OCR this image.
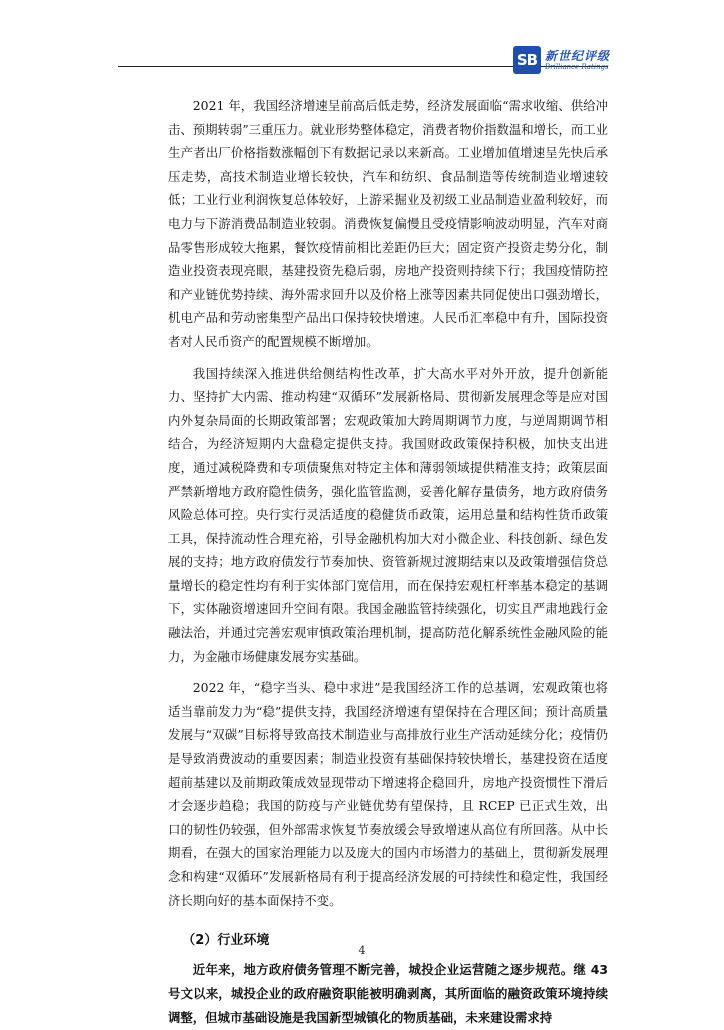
SB 新世纪评级
Brilliance Ratings

2021 年，我国经济增速呈前高后低走势，经济发展面临“需求收缩、供给冲击、预期转弱”三重压力。就业形势整体稳定，消费者物价指数温和增长，而工业生产者出厂价格指数涨幅创下有数据记录以来新高。工业增加值增速呈先快后承压走势，高技术制造业增长较快，汽车和纺织、食品制造等传统制造业增速较低；工业行业利润恢复总体较好，上游采掘业及初级工业品制造业盈利较好，而电力与下游消费品制造业较弱。消费恢复偏慢且受疫情影响波动明显，汽车对商品零售形成较大拖累，餐饮疫情前相比差距仍巨大；固定资产投资走势分化，制造业投资表现亮眼，基建投资先稳后弱，房地产投资则持续下行；我国疫情防控和产业链优势持续、海外需求回升以及价格上涨等因素共同促使出口强劲增长，机电产品和劳动密集型产品出口保持较快增速。人民币汇率稳中有升，国际投资者对人民币资产的配置规模不断增加。

我国持续深入推进供给侧结构性改革，扩大高水平对外开放，提升创新能力、坚持扩大内需、推动构建“双循环”发展新格局、贯彻新发展理念等是应对国内外复杂局面的长期政策部署；宏观政策加大跨周期调节力度，与逆周期调节相结合，为经济短期内大盘稳定提供支持。我国财政政策保持积极，加快支出进度，通过减税降费和专项债聚焦对特定主体和薄弱领域提供精准支持；政策层面严禁新增地方政府隐性债务，强化监管监测，妥善化解存量债务，地方政府债务风险总体可控。央行实行灵活适度的稳健货币政策，运用总量和结构性货币政策工具，保持流动性合理充裕，引导金融机构加大对小微企业、科技创新、绿色发展的支持；地方政府债发行节奏加快、资管新规过渡期结束以及政策增强信贷总量增长的稳定性均有利于实体部门宽信用，而在保持宏观杠杆率基本稳定的基调下，实体融资增速回升空间有限。我国金融监管持续强化，切实且严肃地践行金融法治，并通过完善宏观审慎政策治理机制，提高防范化解系统性金融风险的能力，为金融市场健康发展夯实基础。

2022 年，“稳字当头、稳中求进”是我国经济工作的总基调，宏观政策也将适当靠前发力为“稳”提供支持，我国经济增速有望保持在合理区间；预计高质量发展与“双碳”目标将导致高技术制造业与高排放行业生产活动延续分化；疫情仍是导致消费波动的重要因素；制造业投资有基础保持较快增长，基建投资在适度超前基建以及前期政策成效显现带动下增速将企稳回升，房地产投资惯性下滑后才会逐步趋稳；我国的防疫与产业链优势有望保持，且 RCEP 已正式生效，出口的韧性仍较强，但外部需求恢复节奏放缓会导致增速从高位有所回落。从中长期看，在强大的国家治理能力以及庞大的国内市场潜力的基础上，贯彻新发展理念和构建“双循环”发展新格局有利于提高经济发展的可持续性和稳定性，我国经济长期向好的基本面保持不变。

（2）行业环境

近年来，地方政府债务管理不断完善，城投企业运营随之逐步规范。继 43 号文以来，城投企业的政府融资职能被明确剥离，其所面临的融资政策环境持续调整，但城市基础设施是我国新型城镇化的物质基础，未来建设需求持

4
